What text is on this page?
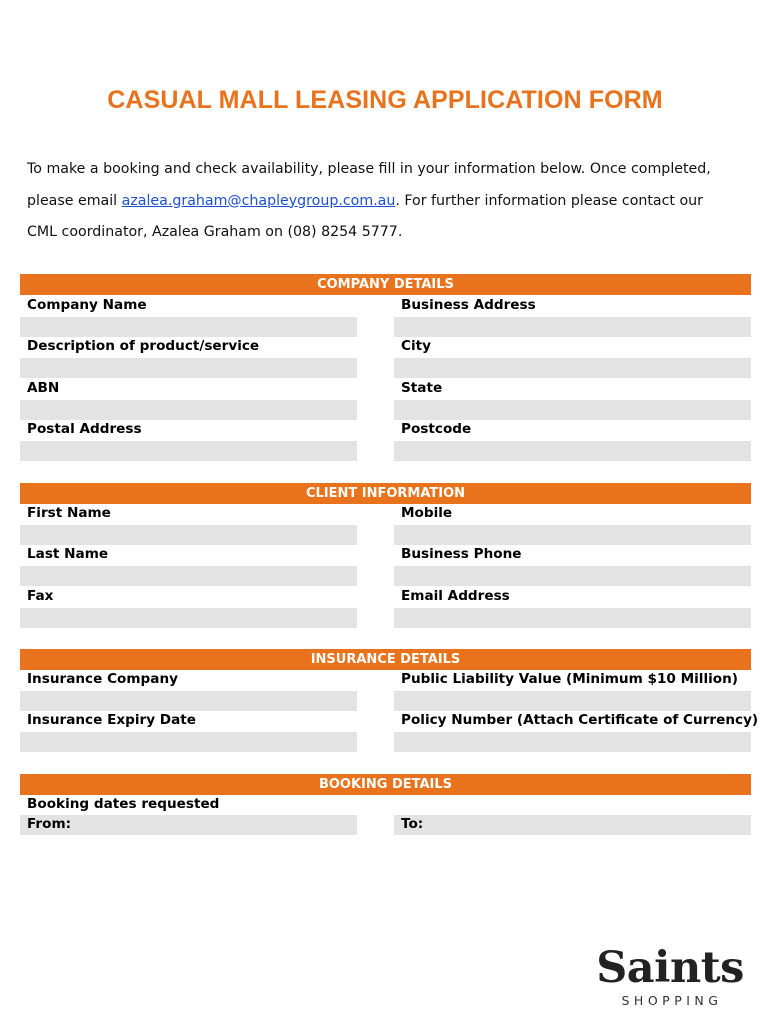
CASUAL MALL LEASING APPLICATION FORM
To make a booking and check availability, please fill in your information below. Once completed,
please email azalea.graham@chapleygroup.com.au. For further information please contact our
CML coordinator, Azalea Graham on (08) 8254 5777.
COMPANY DETAILS
Company Name	Business Address
Description of product/service	City
ABN	State
Postal Address	Postcode
CLIENT INFORMATION
First Name	Mobile
Last Name	Business Phone
Fax	Email Address
INSURANCE DETAILS
Insurance Company	Public Liability Value (Minimum $10 Million)
Insurance Expiry Date	Policy Number (Attach Certificate of Currency)
BOOKING DETAILS
Booking dates requested
From:	To:
Saints
SHOPPING
